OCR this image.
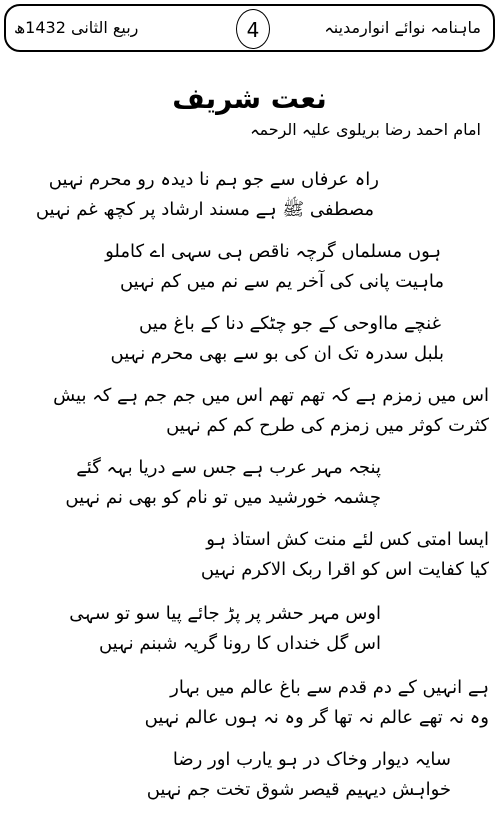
ماہنامہ نوائے انوارمدینہ
4
ربیع الثانی 1432ھ
نعت شریف
امام احمد رضا بریلوی علیہ الرحمہ
راہ عرفاں سے جو ہم نا دیدہ رو محرم نہیں
مصطفی ﷺ ہے مسند ارشاد پر کچھ غم نہیں
ہوں مسلماں گرچہ ناقص ہی سہی اے کاملو
ماہیت پانی کی آخر یم سے نم میں کم نہیں
غنچے مااوحی کے جو چٹکے دنا کے باغ میں
بلبل سدرہ تک ان کی بو سے بھی محرم نہیں
اس میں زمزم ہے کہ تھم تھم اس میں جم جم ہے کہ بیش
کثرت کوثر میں زمزم کی طرح کم کم نہیں
پنجہ مہر عرب ہے جس سے دریا بہہ گئے
چشمہ خورشید میں تو نام کو بھی نم نہیں
ایسا امتی کس لئے منت کش استاذ ہو
کیا کفایت اس کو اقرا ربک الاکرم نہیں
اوس مہر حشر پر پڑ جائے پیا سو تو سہی
اس گل خنداں کا رونا گریہ شبنم نہیں
ہے انہیں کے دم قدم سے باغ عالم میں بہار
وہ نہ تھے عالم نہ تھا گر وہ نہ ہوں عالم نہیں
سایہ دیوار وخاک در ہو یارب اور رضا
خواہش دیہیم قیصر شوق تخت جم نہیں
